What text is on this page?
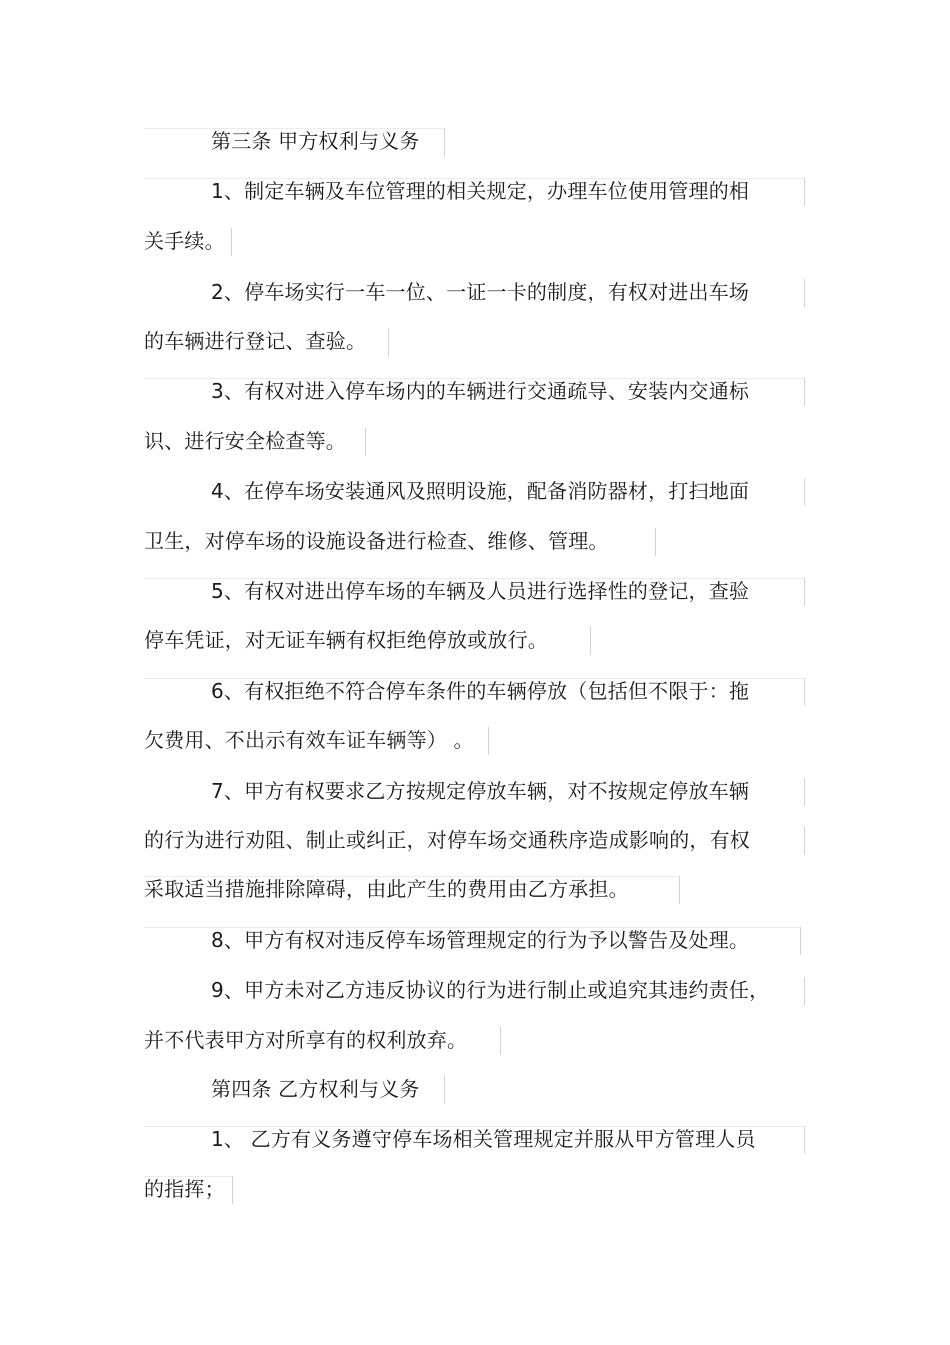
第三条 甲方权利与义务
1、制定车辆及车位管理的相关规定，办理车位使用管理的相
关手续。
2、停车场实行一车一位、一证一卡的制度，有权对进出车场
的车辆进行登记、查验。
3、有权对进入停车场内的车辆进行交通疏导、安装内交通标
识、进行安全检查等。
4、在停车场安装通风及照明设施，配备消防器材，打扫地面
卫生，对停车场的设施设备进行检查、维修、管理。
5、有权对进出停车场的车辆及人员进行选择性的登记，查验
停车凭证，对无证车辆有权拒绝停放或放行。
6、有权拒绝不符合停车条件的车辆停放（包括但不限于：拖
欠费用、不出示有效车证车辆等） 。
7、甲方有权要求乙方按规定停放车辆，对不按规定停放车辆
的行为进行劝阻、制止或纠正，对停车场交通秩序造成影响的，有权
采取适当措施排除障碍，由此产生的费用由乙方承担。
8、甲方有权对违反停车场管理规定的行为予以警告及处理。
9、甲方未对乙方违反协议的行为进行制止或追究其违约责任，
并不代表甲方对所享有的权利放弃。
第四条 乙方权利与义务
1、 乙方有义务遵守停车场相关管理规定并服从甲方管理人员
的指挥；
